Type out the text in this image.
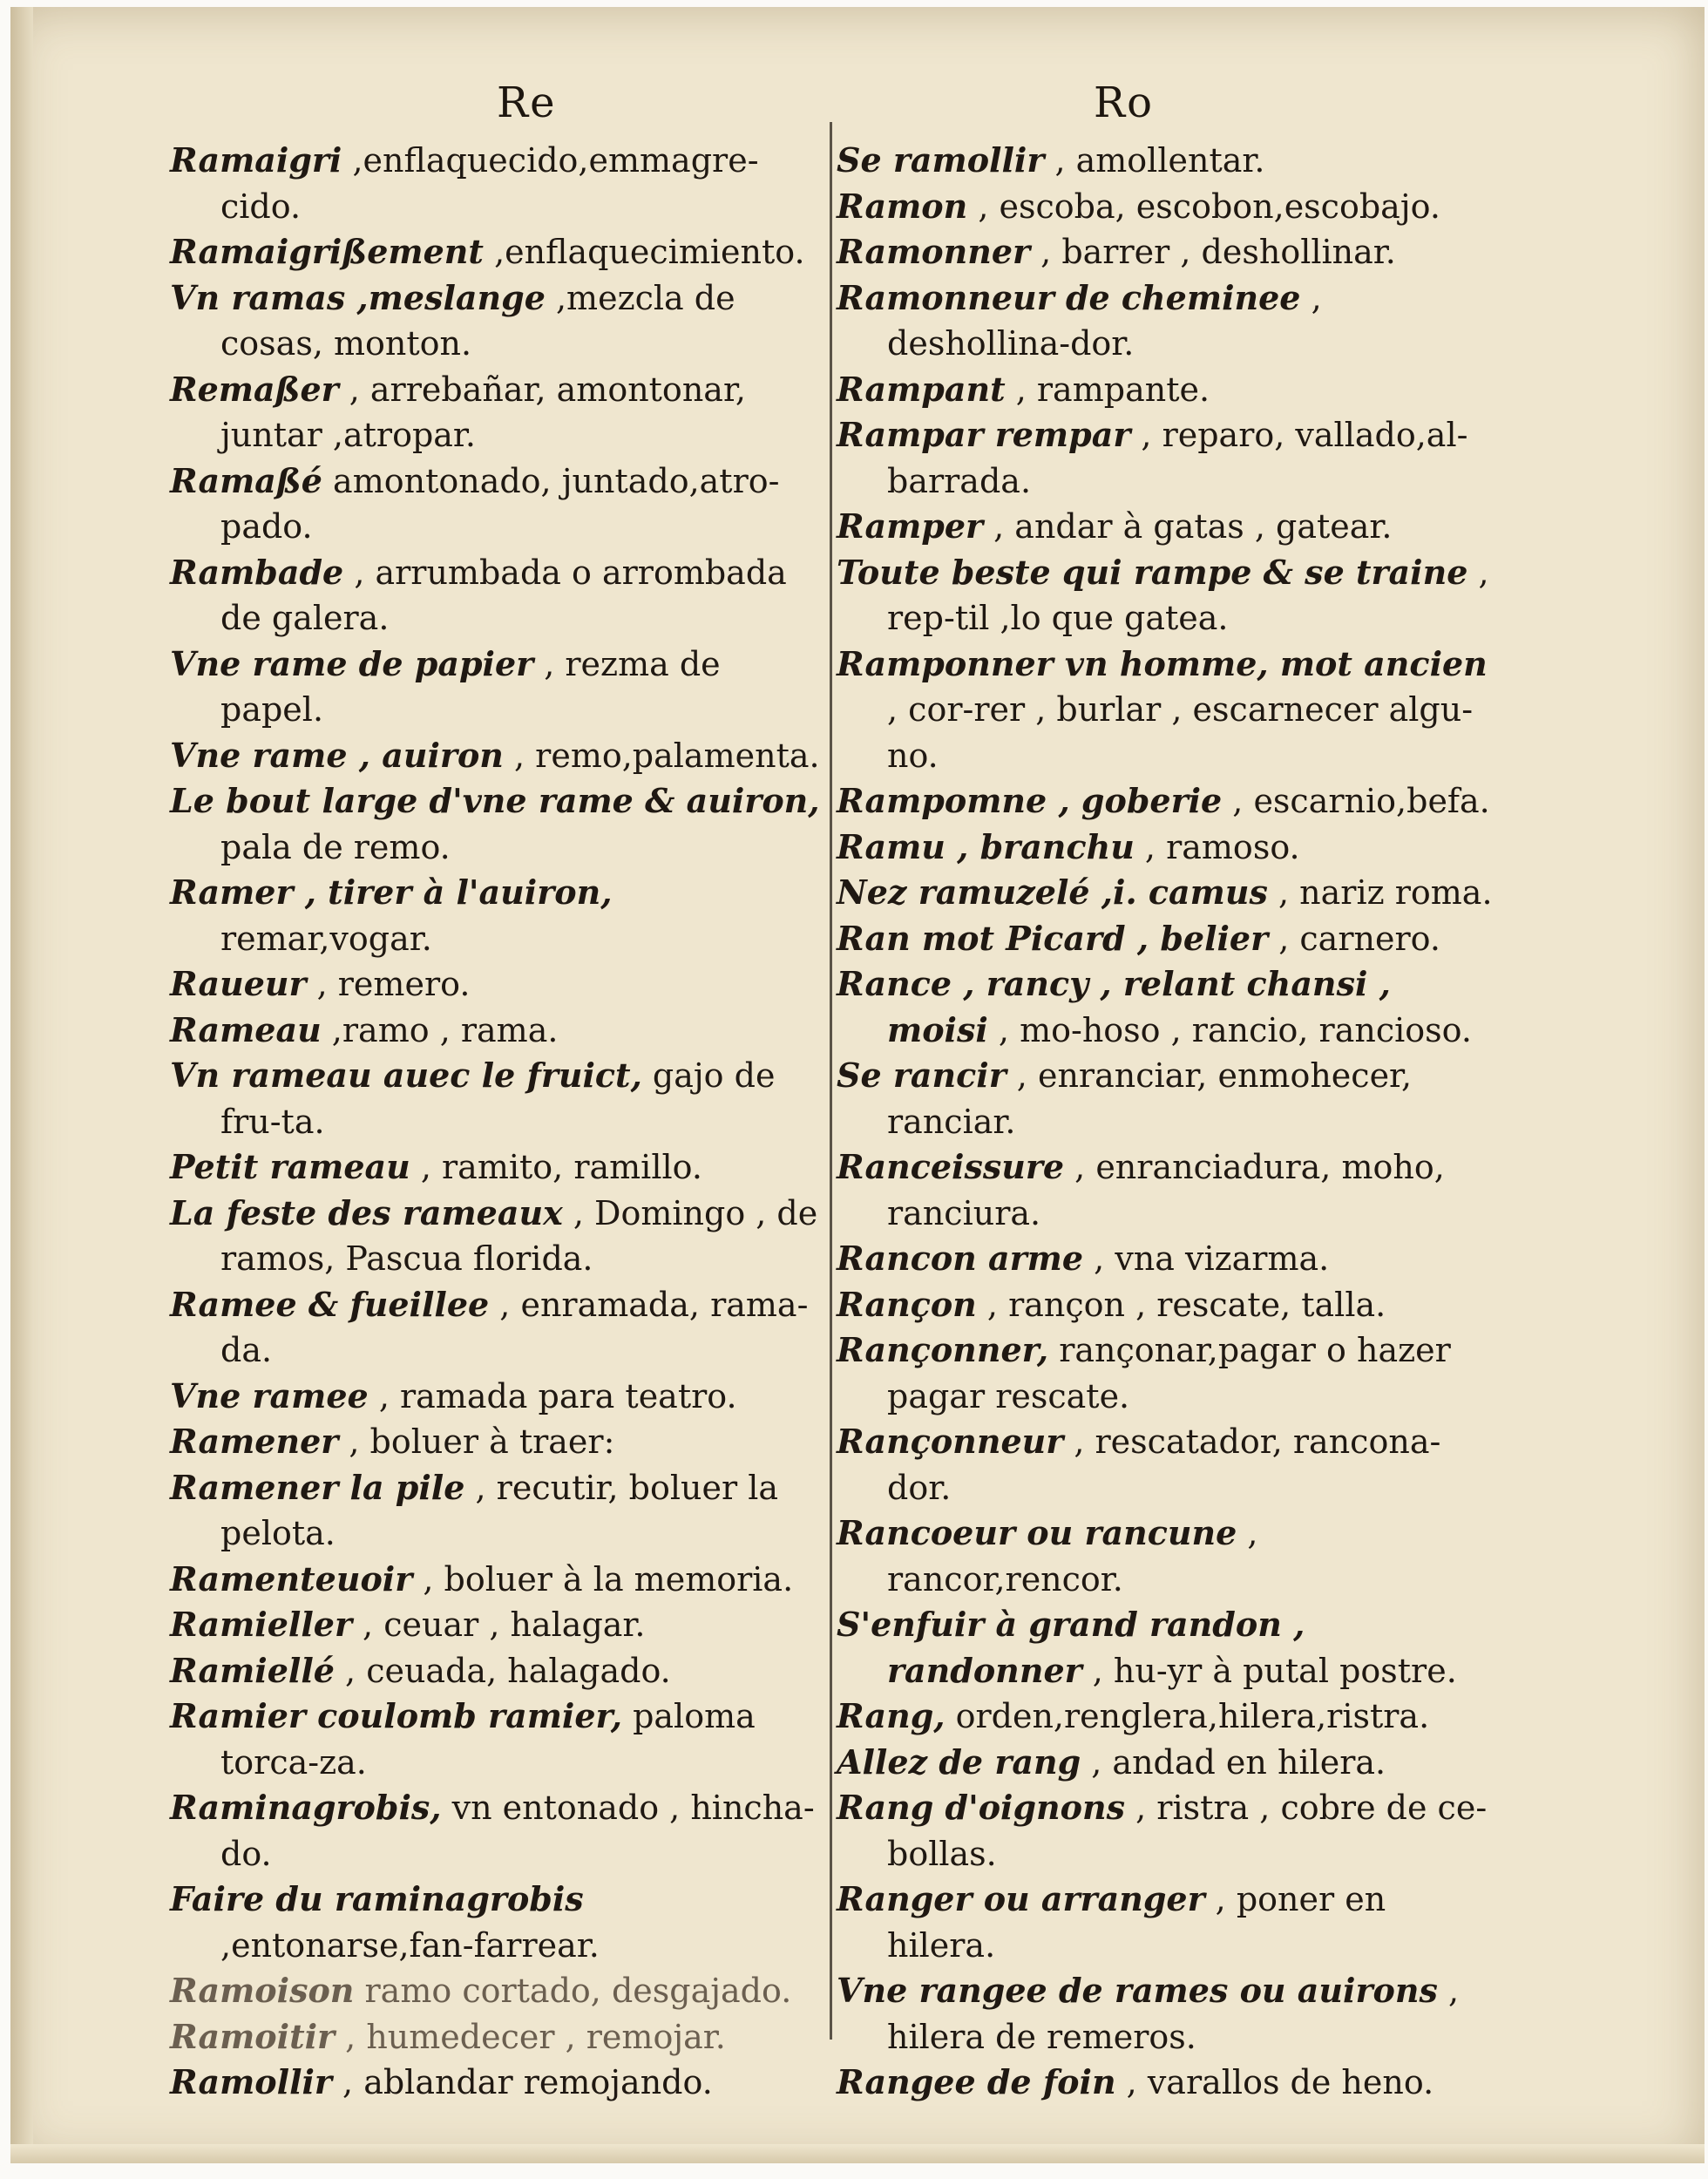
Re	Ro

Ramaigri ,enflaquecido,emmagre-cido.

Ramaigrißement ,enflaquecimiento.

Vn ramas ,meslange ,mezcla de cosas, monton.

Remaßer , arrebañar, amontonar, juntar ,atropar.

Ramaßé amontonado, juntado,atro-pado.

Rambade , arrumbada o arrombada de galera.

Vne rame de papier , rezma de papel.

Vne rame , auiron , remo,palamenta.

Le bout large d'vne rame & auiron, pala de remo.

Ramer , tirer à l'auiron, remar,vogar.

Raueur , remero.

Rameau ,ramo , rama.

Vn rameau auec le fruict, gajo de fru-ta.

Petit rameau , ramito, ramillo.

La feste des rameaux , Domingo , de ramos, Pascua florida.

Ramee & fueillee , enramada, rama-da.

Vne ramee , ramada para teatro.

Ramener , boluer à traer:

Ramener la pile , recutir, boluer la pelota.

Ramenteuoir , boluer à la memoria.

Ramieller , ceuar , halagar.

Ramiellé , ceuada, halagado.

Ramier coulomb ramier, paloma torca-za.

Raminagrobis, vn entonado , hincha-do.

Faire du raminagrobis ,entonarse,fan-farrear.

Ramoison ramo cortado, desgajado.

Ramoitir , humedecer , remojar.

Ramollir , ablandar remojando.

Se ramollir , amollentar.

Ramon , escoba, escobon,escobajo.

Ramonner , barrer , deshollinar.

Ramonneur de cheminee , deshollina-dor.

Rampant , rampante.

Rampar rempar , reparo, vallado,al-barrada.

Ramper , andar à gatas , gatear.

Toute beste qui rampe & se traine , rep-til ,lo que gatea.

Ramponner vn homme, mot ancien , cor-rer , burlar , escarnecer algu-no.

Rampomne , goberie , escarnio,befa.

Ramu , branchu , ramoso.

Nez ramuzelé ,i. camus , nariz roma.

Ran mot Picard , belier , carnero.

Rance , rancy , relant chansi , moisi , mo-hoso , rancio, rancioso.

Se rancir , enranciar, enmohecer, ranciar.

Ranceissure , enranciadura, moho, ranciura.

Rancon arme , vna vizarma.

Rançon , rançon , rescate, talla.

Rançonner, rançonar,pagar o hazer pagar rescate.

Rançonneur , rescatador, rancona-dor.

Rancoeur ou rancune , rancor,rencor.

S'enfuir à grand randon , randonner , hu-yr à putal postre.

Rang, orden,renglera,hilera,ristra.

Allez de rang , andad en hilera.

Rang d'oignons , ristra , cobre de ce-bollas.

Ranger ou arranger , poner en hilera.

Vne rangee de rames ou auirons , hilera de remeros.

Rangee de foin , varallos de heno.
